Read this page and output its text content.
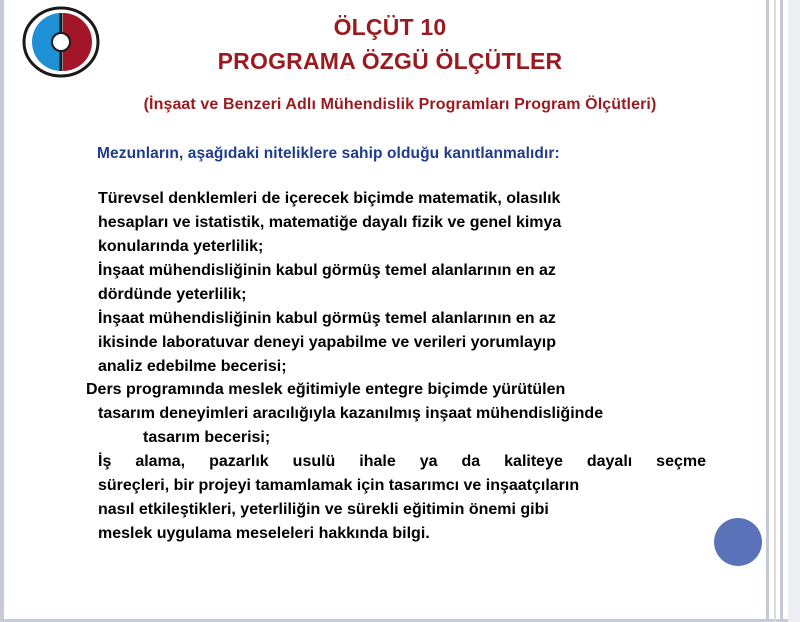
ÖLÇÜT 10
PROGRAMA ÖZGÜ ÖLÇÜTLER
(İnşaat ve Benzeri Adlı Mühendislik Programları Program Ölçütleri)
Mezunların, aşağıdaki niteliklere sahip olduğu kanıtlanmalıdır:
Türevsel denklemleri de içerecek biçimde matematik, olasılık
hesapları ve istatistik, matematiğe dayalı fizik ve genel kimya
konularında yeterlilik;
İnşaat mühendisliğinin kabul görmüş temel alanlarının en az
dördünde yeterlilik;
İnşaat mühendisliğinin kabul görmüş temel alanlarının en az
ikisinde laboratuvar deneyi yapabilme ve verileri yorumlayıp
analiz edebilme becerisi;
Ders programında meslek eğitimiyle entegre biçimde yürütülen
tasarım deneyimleri aracılığıyla kazanılmış inşaat mühendisliğinde
tasarım becerisi;
İş alama, pazarlık usulü ihale ya da kaliteye dayalı seçme
süreçleri, bir projeyi tamamlamak için tasarımcı ve inşaatçıların
nasıl etkileştikleri, yeterliliğin ve sürekli eğitimin önemi gibi
meslek uygulama meseleleri hakkında bilgi.
